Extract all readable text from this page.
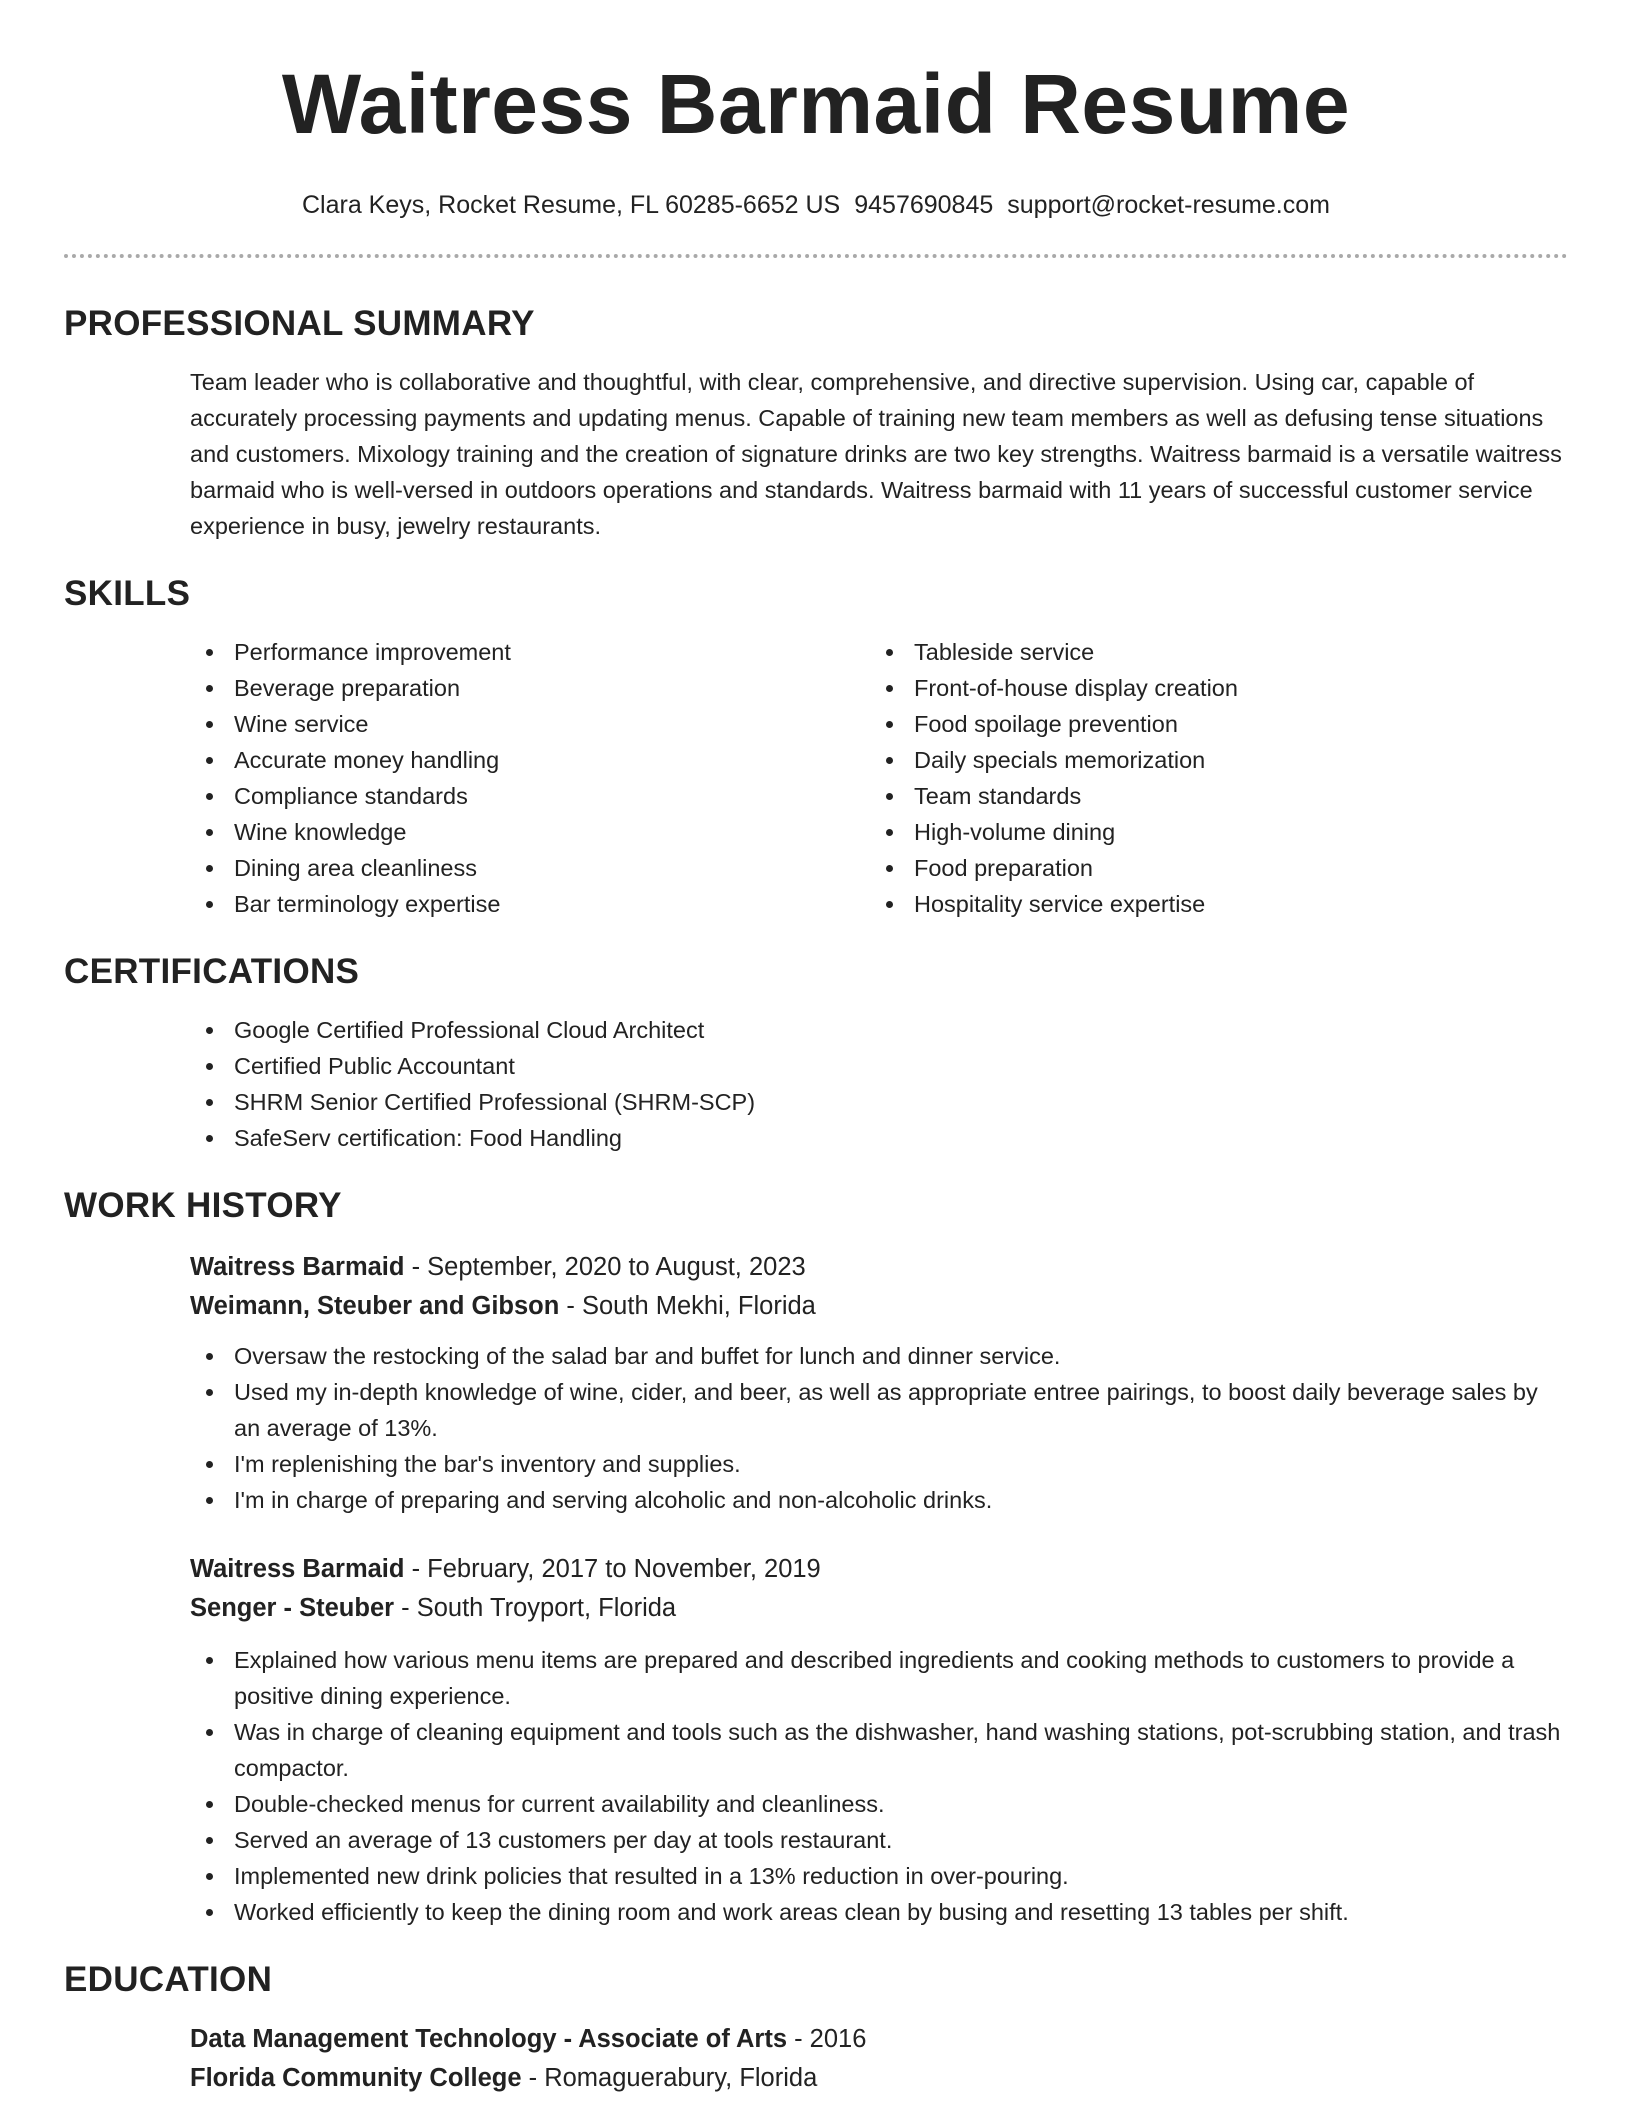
Waitress Barmaid Resume
Clara Keys, Rocket Resume, FL 60285-6652 US 9457690845 support@rocket-resume.com
PROFESSIONAL SUMMARY

Team leader who is collaborative and thoughtful, with clear, comprehensive, and directive supervision. Using car, capable of accurately processing payments and updating menus. Capable of training new team members as well as defusing tense situations and customers. Mixology training and the creation of signature drinks are two key strengths. Waitress barmaid is a versatile waitress barmaid who is well-versed in outdoors operations and standards. Waitress barmaid with 11 years of successful customer service experience in busy, jewelry restaurants.

SKILLS
Performance improvement
Beverage preparation
Wine service
Accurate money handling
Compliance standards
Wine knowledge
Dining area cleanliness
Bar terminology expertise
Tableside service
Front-of-house display creation
Food spoilage prevention
Daily specials memorization
Team standards
High-volume dining
Food preparation
Hospitality service expertise
CERTIFICATIONS
Google Certified Professional Cloud Architect
Certified Public Accountant
SHRM Senior Certified Professional (SHRM-SCP)
SafeServ certification: Food Handling
WORK HISTORY
Waitress Barmaid - September, 2020 to August, 2023
Weimann, Steuber and Gibson - South Mekhi, Florida
Oversaw the restocking of the salad bar and buffet for lunch and dinner service.
Used my in-depth knowledge of wine, cider, and beer, as well as appropriate entree pairings, to boost daily beverage sales by an average of 13%.
I'm replenishing the bar's inventory and supplies.
I'm in charge of preparing and serving alcoholic and non-alcoholic drinks.
Waitress Barmaid - February, 2017 to November, 2019
Senger - Steuber - South Troyport, Florida
Explained how various menu items are prepared and described ingredients and cooking methods to customers to provide a positive dining experience.
Was in charge of cleaning equipment and tools such as the dishwasher, hand washing stations, pot-scrubbing station, and trash compactor.
Double-checked menus for current availability and cleanliness.
Served an average of 13 customers per day at tools restaurant.
Implemented new drink policies that resulted in a 13% reduction in over-pouring.
Worked efficiently to keep the dining room and work areas clean by busing and resetting 13 tables per shift.
EDUCATION
Data Management Technology - Associate of Arts - 2016
Florida Community College - Romaguerabury, Florida
